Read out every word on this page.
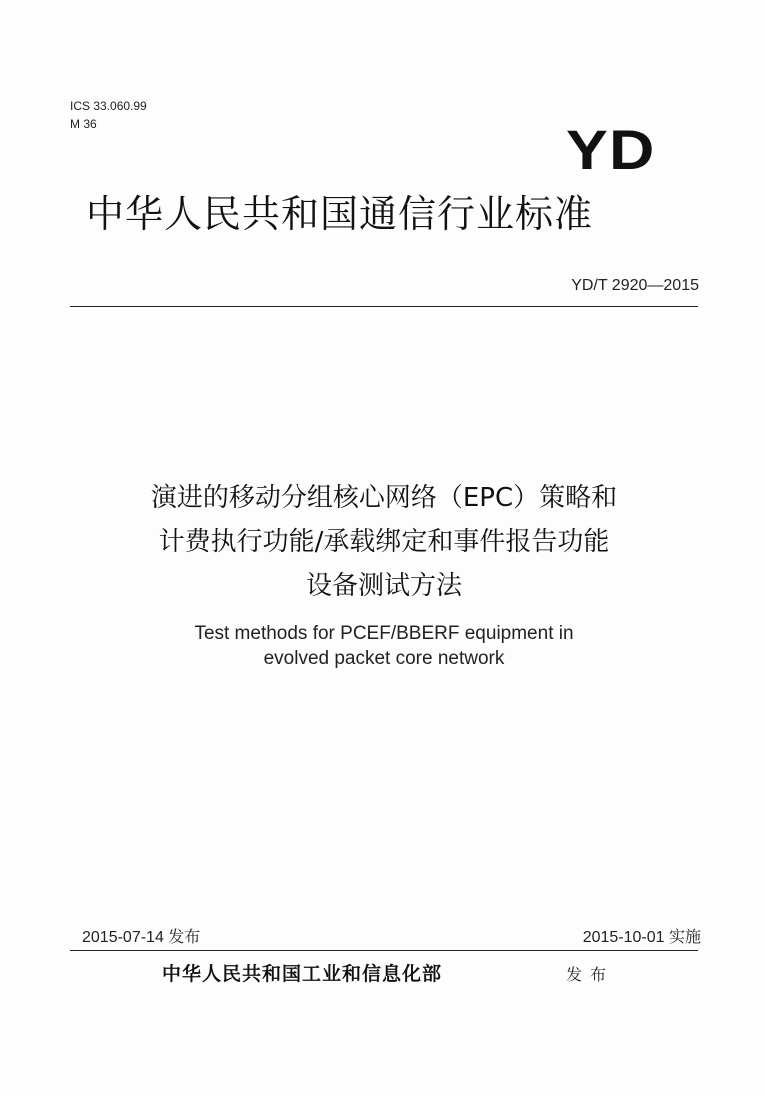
ICS 33.060.99
M 36	YD
中华人民共和国通信行业标准
YD/T 2920—2015
演进的移动分组核心网络（EPC）策略和
计费执行功能/承载绑定和事件报告功能
设备测试方法
Test methods for PCEF/BBERF equipment in
evolved packet core network
2015-07-14 发布	2015-10-01 实施
中华人民共和国工业和信息化部	发布
